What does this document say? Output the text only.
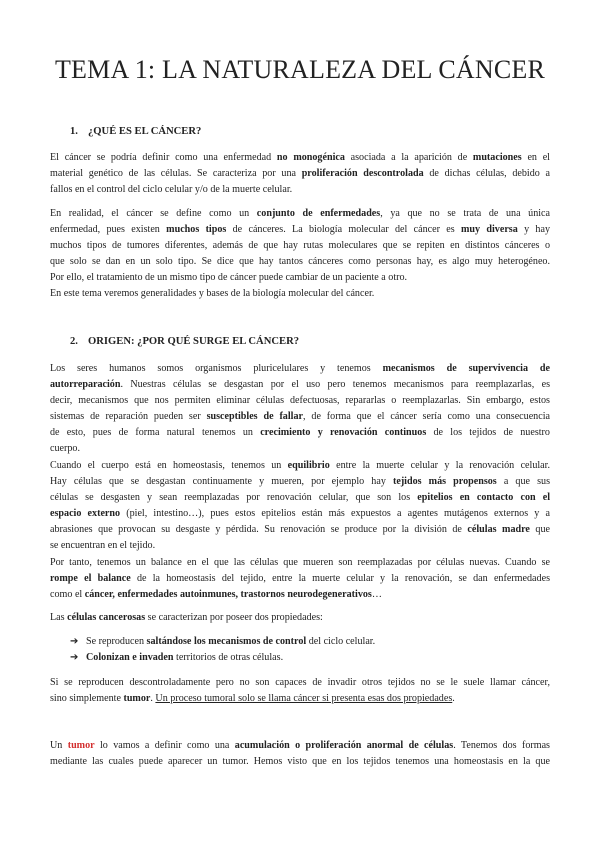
TEMA 1: LA NATURALEZA DEL CÁNCER
1. ¿QUÉ ES EL CÁNCER?
El cáncer se podría definir como una enfermedad no monogénica asociada a la aparición de mutaciones en el
material genético de las células. Se caracteriza por una proliferación descontrolada de dichas células, debido a
fallos en el control del ciclo celular y/o de la muerte celular.
En realidad, el cáncer se define como un conjunto de enfermedades, ya que no se trata de una única
enfermedad, pues existen muchos tipos de cánceres. La biología molecular del cáncer es muy diversa y hay
muchos tipos de tumores diferentes, además de que hay rutas moleculares que se repiten en distintos cánceres o
que solo se dan en un solo tipo. Se dice que hay tantos cánceres como personas hay, es algo muy heterogéneo.
Por ello, el tratamiento de un mismo tipo de cáncer puede cambiar de un paciente a otro.
En este tema veremos generalidades y bases de la biología molecular del cáncer.
2. ORIGEN: ¿POR QUÉ SURGE EL CÁNCER?
Los seres humanos somos organismos pluricelulares y tenemos mecanismos de supervivencia de
autorreparación. Nuestras células se desgastan por el uso pero tenemos mecanismos para reemplazarlas, es
decir, mecanismos que nos permiten eliminar células defectuosas, repararlas o reemplazarlas. Sin embargo, estos
sistemas de reparación pueden ser susceptibles de fallar, de forma que el cáncer sería como una consecuencia
de esto, pues de forma natural tenemos un crecimiento y renovación continuos de los tejidos de nuestro
cuerpo.
Cuando el cuerpo está en homeostasis, tenemos un equilibrio entre la muerte celular y la renovación celular.
Hay células que se desgastan continuamente y mueren, por ejemplo hay tejidos más propensos a que sus
células se desgasten y sean reemplazadas por renovación celular, que son los epitelios en contacto con el
espacio externo (piel, intestino…), pues estos epitelios están más expuestos a agentes mutágenos externos y a
abrasiones que provocan su desgaste y pérdida. Su renovación se produce por la división de células madre que
se encuentran en el tejido.
Por tanto, tenemos un balance en el que las células que mueren son reemplazadas por células nuevas. Cuando se
rompe el balance de la homeostasis del tejido, entre la muerte celular y la renovación, se dan enfermedades
como el cáncer, enfermedades autoinmunes, trastornos neurodegenerativos…
Las células cancerosas se caracterizan por poseer dos propiedades:
➔ Se reproducen saltándose los mecanismos de control del ciclo celular.
➔ Colonizan e invaden territorios de otras células.
Si se reproducen descontroladamente pero no son capaces de invadir otros tejidos no se le suele llamar cáncer,
sino simplemente tumor. Un proceso tumoral solo se llama cáncer si presenta esas dos propiedades.
Un tumor lo vamos a definir como una acumulación o proliferación anormal de células. Tenemos dos formas
mediante las cuales puede aparecer un tumor. Hemos visto que en los tejidos tenemos una homeostasis en la que
